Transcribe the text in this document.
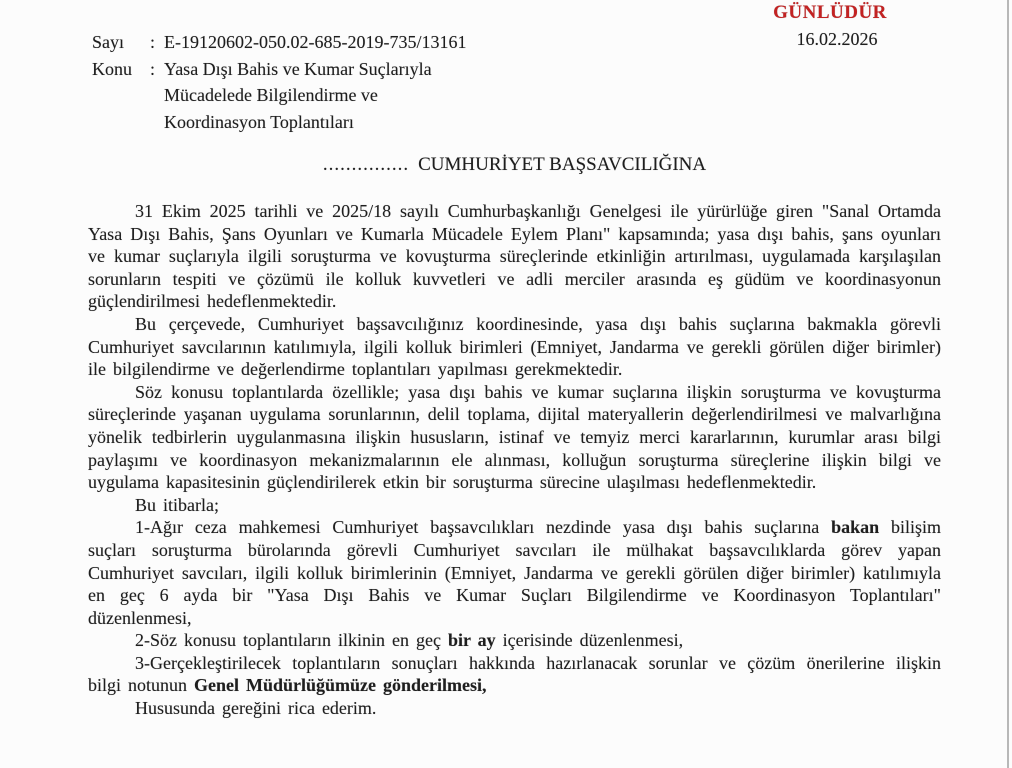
GÜNLÜDÜR
16.02.2026
Sayı	: E-19120602-050.02-685-2019-735/13161
Konu	: Yasa Dışı Bahis ve Kumar Suçlarıyla
Mücadelede Bilgilendirme ve
Koordinasyon Toplantıları
............... CUMHURİYET BAŞSAVCILIĞINA

31 Ekim 2025 tarihli ve 2025/18 sayılı Cumhurbaşkanlığı Genelgesi ile yürürlüğe giren "Sanal Ortamda Yasa Dışı Bahis, Şans Oyunları ve Kumarla Mücadele Eylem Planı" kapsamında; yasa dışı bahis, şans oyunları ve kumar suçlarıyla ilgili soruşturma ve kovuşturma süreçlerinde etkinliğin artırılması, uygulamada karşılaşılan sorunların tespiti ve çözümü ile kolluk kuvvetleri ve adli merciler arasında eş güdüm ve koordinasyonun güçlendirilmesi hedeflenmektedir.

Bu çerçevede, Cumhuriyet başsavcılığınız koordinesinde, yasa dışı bahis suçlarına bakmakla görevli Cumhuriyet savcılarının katılımıyla, ilgili kolluk birimleri (Emniyet, Jandarma ve gerekli görülen diğer birimler) ile bilgilendirme ve değerlendirme toplantıları yapılması gerekmektedir.

Söz konusu toplantılarda özellikle; yasa dışı bahis ve kumar suçlarına ilişkin soruşturma ve kovuşturma süreçlerinde yaşanan uygulama sorunlarının, delil toplama, dijital materyallerin değerlendirilmesi ve malvarlığına yönelik tedbirlerin uygulanmasına ilişkin hususların, istinaf ve temyiz merci kararlarının, kurumlar arası bilgi paylaşımı ve koordinasyon mekanizmalarının ele alınması, kolluğun soruşturma süreçlerine ilişkin bilgi ve uygulama kapasitesinin güçlendirilerek etkin bir soruşturma sürecine ulaşılması hedeflenmektedir.

Bu itibarla;

1-Ağır ceza mahkemesi Cumhuriyet başsavcılıkları nezdinde yasa dışı bahis suçlarına bakan bilişim suçları soruşturma bürolarında görevli Cumhuriyet savcıları ile mülhakat başsavcılıklarda görev yapan Cumhuriyet savcıları, ilgili kolluk birimlerinin (Emniyet, Jandarma ve gerekli görülen diğer birimler) katılımıyla en geç 6 ayda bir "Yasa Dışı Bahis ve Kumar Suçları Bilgilendirme ve Koordinasyon Toplantıları" düzenlenmesi,

2-Söz konusu toplantıların ilkinin en geç bir ay içerisinde düzenlenmesi,

3-Gerçekleştirilecek toplantıların sonuçları hakkında hazırlanacak sorunlar ve çözüm önerilerine ilişkin bilgi notunun Genel Müdürlüğümüze gönderilmesi,

Hususunda gereğini rica ederim.
